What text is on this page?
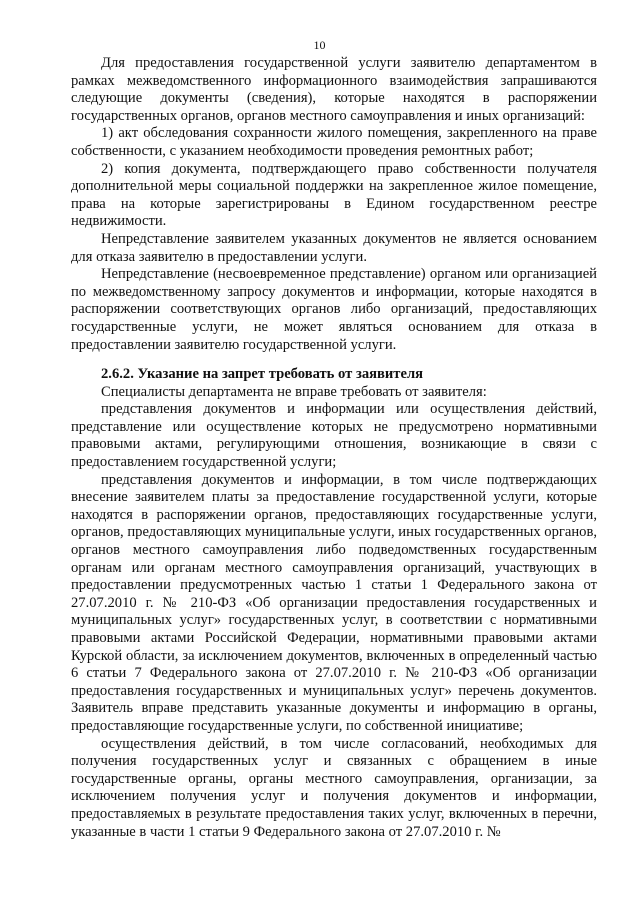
10

Для предоставления государственной услуги заявителю департаментом в рамках межведомственного информационного взаимодействия запрашиваются следующие документы (сведения), которые находятся в распоряжении государственных органов, органов местного самоуправления и иных организаций:

1) акт обследования сохранности жилого помещения, закрепленного на праве собственности, с указанием необходимости проведения ремонтных работ;

2) копия документа, подтверждающего право собственности получателя дополнительной меры социальной поддержки на закрепленное жилое помещение, права на которые зарегистрированы в Едином государственном реестре недвижимости.

Непредставление заявителем указанных документов не является основанием для отказа заявителю в предоставлении услуги.

Непредставление (несвоевременное представление) органом или организацией по межведомственному запросу документов и информации, которые находятся в распоряжении соответствующих органов либо организаций, предоставляющих государственные услуги, не может являться основанием для отказа в предоставлении заявителю государственной услуги.

2.6.2. Указание на запрет требовать от заявителя

Специалисты департамента не вправе требовать от заявителя:

представления документов и информации или осуществления действий, представление или осуществление которых не предусмотрено нормативными правовыми актами, регулирующими отношения, возникающие в связи с предоставлением государственной услуги;

представления документов и информации, в том числе подтверждающих внесение заявителем платы за предоставление государственной услуги, которые находятся в распоряжении органов, предоставляющих государственные услуги, органов, предоставляющих муниципальные услуги, иных государственных органов, органов местного самоуправления либо подведомственных государственным органам или органам местного самоуправления организаций, участвующих в предоставлении предусмотренных частью 1 статьи 1 Федерального закона от 27.07.2010 г. № 210-ФЗ «Об организации предоставления государственных и муниципальных услуг» государственных услуг, в соответствии с нормативными правовыми актами Российской Федерации, нормативными правовыми актами Курской области, за исключением документов, включенных в определенный частью 6 статьи 7 Федерального закона от 27.07.2010 г. № 210-ФЗ «Об организации предоставления государственных и муниципальных услуг» перечень документов. Заявитель вправе представить указанные документы и информацию в органы, предоставляющие государственные услуги, по собственной инициативе;

осуществления действий, в том числе согласований, необходимых для получения государственных услуг и связанных с обращением в иные государственные органы, органы местного самоуправления, организации, за исключением получения услуг и получения документов и информации, предоставляемых в результате предоставления таких услуг, включенных в перечни, указанные в части 1 статьи 9 Федерального закона от 27.07.2010 г. №
